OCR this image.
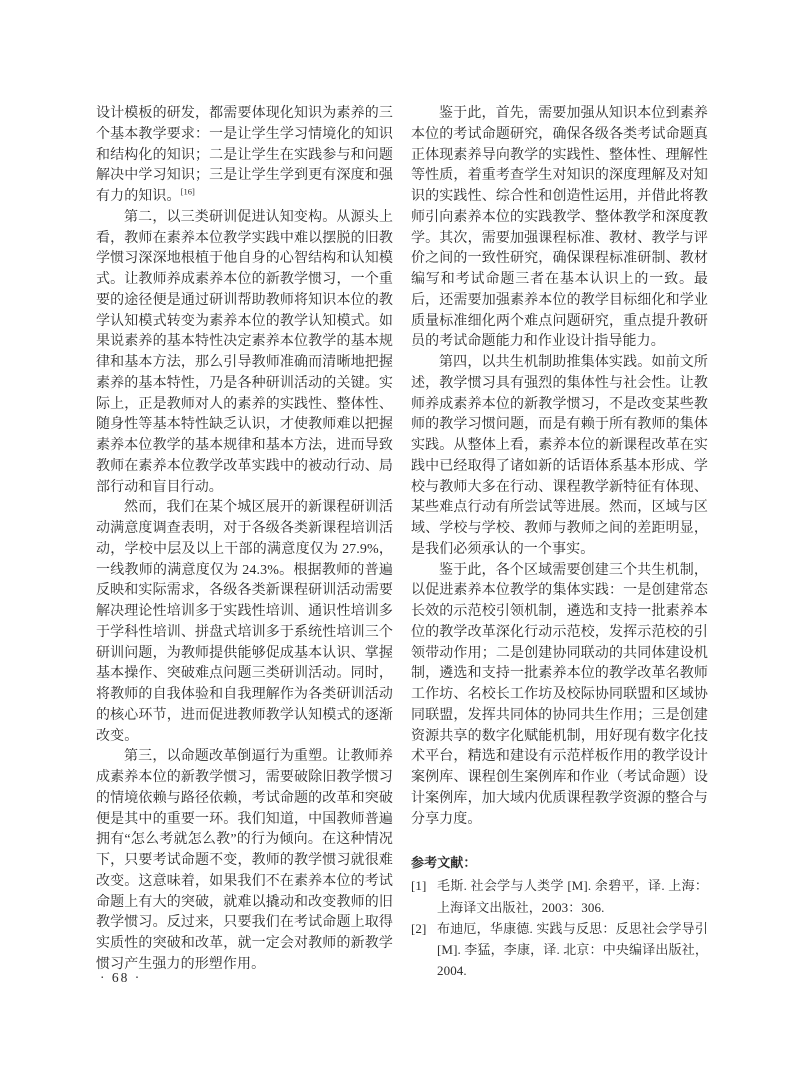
设计模板的研发，都需要体现化知识为素养的三个基本教学要求：一是让学生学习情境化的知识和结构化的知识；二是让学生在实践参与和问题解决中学习知识；三是让学生学到更有深度和强有力的知识。[16]

第二，以三类研训促进认知变构。从源头上看，教师在素养本位教学实践中难以摆脱的旧教学惯习深深地根植于他自身的心智结构和认知模式。让教师养成素养本位的新教学惯习，一个重要的途径便是通过研训帮助教师将知识本位的教学认知模式转变为素养本位的教学认知模式。如果说素养的基本特性决定素养本位教学的基本规律和基本方法，那么引导教师准确而清晰地把握素养的基本特性，乃是各种研训活动的关键。实际上，正是教师对人的素养的实践性、整体性、随身性等基本特性缺乏认识，才使教师难以把握素养本位教学的基本规律和基本方法，进而导致教师在素养本位教学改革实践中的被动行动、局部行动和盲目行动。

然而，我们在某个城区展开的新课程研训活动满意度调查表明，对于各级各类新课程培训活动，学校中层及以上干部的满意度仅为 27.9%，一线教师的满意度仅为 24.3%。根据教师的普遍反映和实际需求，各级各类新课程研训活动需要解决理论性培训多于实践性培训、通识性培训多于学科性培训、拼盘式培训多于系统性培训三个研训问题，为教师提供能够促成基本认识、掌握基本操作、突破难点问题三类研训活动。同时，将教师的自我体验和自我理解作为各类研训活动的核心环节，进而促进教师教学认知模式的逐渐改变。

第三，以命题改革倒逼行为重塑。让教师养成素养本位的新教学惯习，需要破除旧教学惯习的情境依赖与路径依赖，考试命题的改革和突破便是其中的重要一环。我们知道，中国教师普遍拥有“怎么考就怎么教”的行为倾向。在这种情况下，只要考试命题不变，教师的教学惯习就很难改变。这意味着，如果我们不在素养本位的考试命题上有大的突破，就难以撬动和改变教师的旧教学惯习。反过来，只要我们在考试命题上取得实质性的突破和改革，就一定会对教师的新教学惯习产生强力的形塑作用。

鉴于此，首先，需要加强从知识本位到素养本位的考试命题研究，确保各级各类考试命题真正体现素养导向教学的实践性、整体性、理解性等性质，着重考查学生对知识的深度理解及对知识的实践性、综合性和创造性运用，并借此将教师引向素养本位的实践教学、整体教学和深度教学。其次，需要加强课程标准、教材、教学与评价之间的一致性研究，确保课程标准研制、教材编写和考试命题三者在基本认识上的一致。最后，还需要加强素养本位的教学目标细化和学业质量标准细化两个难点问题研究，重点提升教研员的考试命题能力和作业设计指导能力。

第四，以共生机制助推集体实践。如前文所述，教学惯习具有强烈的集体性与社会性。让教师养成素养本位的新教学惯习，不是改变某些教师的教学习惯问题，而是有赖于所有教师的集体实践。从整体上看，素养本位的新课程改革在实践中已经取得了诸如新的话语体系基本形成、学校与教师大多在行动、课程教学新特征有体现、某些难点行动有所尝试等进展。然而，区域与区域、学校与学校、教师与教师之间的差距明显，是我们必须承认的一个事实。

鉴于此，各个区域需要创建三个共生机制，以促进素养本位教学的集体实践：一是创建常态长效的示范校引领机制，遴选和支持一批素养本位的教学改革深化行动示范校，发挥示范校的引领带动作用；二是创建协同联动的共同体建设机制，遴选和支持一批素养本位的教学改革名教师工作坊、名校长工作坊及校际协同联盟和区域协同联盟，发挥共同体的协同共生作用；三是创建资源共享的数字化赋能机制，用好现有数字化技术平台，精选和建设有示范样板作用的教学设计案例库、课程创生案例库和作业（考试命题）设计案例库，加大域内优质课程教学资源的整合与分享力度。

参考文献：
[1] 毛斯. 社会学与人类学 [M]. 余碧平，译. 上海：上海译文出版社，2003：306.
[2] 布迪厄，华康德. 实践与反思：反思社会学导引 [M]. 李猛，李康，译. 北京：中央编译出版社，2004.
· 68 ·
